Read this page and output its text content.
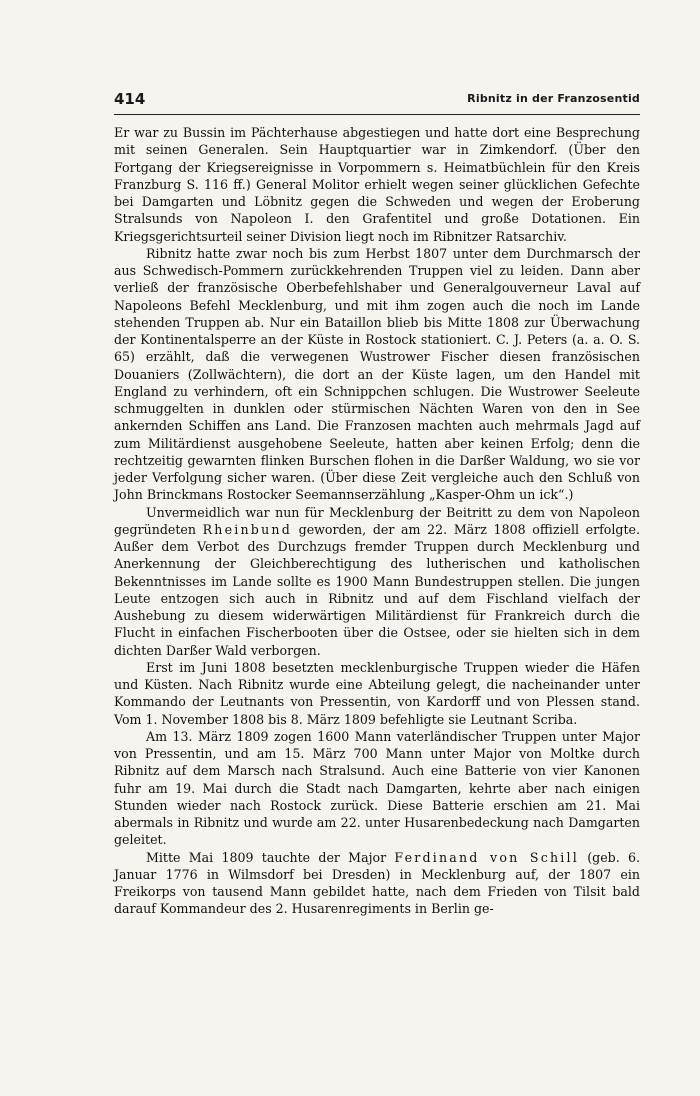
414	Ribnitz in der Franzosentid

Er war zu Bussin im Pächterhause abgestiegen und hatte dort eine Besprechung mit seinen Generalen. Sein Hauptquartier war in Zimkendorf. (Über den Fortgang der Kriegsereignisse in Vorpommern s. Heimatbüchlein für den Kreis Franzburg S. 116 ff.) General Molitor erhielt wegen seiner glücklichen Gefechte bei Damgarten und Löbnitz gegen die Schweden und wegen der Eroberung Stralsunds von Napoleon I. den Grafentitel und große Dotationen. Ein Kriegsgerichtsurteil seiner Division liegt noch im Ribnitzer Ratsarchiv.

Ribnitz hatte zwar noch bis zum Herbst 1807 unter dem Durchmarsch der aus Schwedisch-Pommern zurückkehrenden Truppen viel zu leiden. Dann aber verließ der französische Oberbefehlshaber und Generalgouverneur Laval auf Napoleons Befehl Mecklenburg, und mit ihm zogen auch die noch im Lande stehenden Truppen ab. Nur ein Bataillon blieb bis Mitte 1808 zur Überwachung der Kontinentalsperre an der Küste in Rostock stationiert. C. J. Peters (a. a. O. S. 65) erzählt, daß die verwegenen Wustrower Fischer diesen französischen Douaniers (Zollwächtern), die dort an der Küste lagen, um den Handel mit England zu verhindern, oft ein Schnippchen schlugen. Die Wustrower Seeleute schmuggelten in dunklen oder stürmischen Nächten Waren von den in See ankernden Schiffen ans Land. Die Franzosen machten auch mehrmals Jagd auf zum Militärdienst ausgehobene Seeleute, hatten aber keinen Erfolg; denn die rechtzeitig gewarnten flinken Burschen flohen in die Darßer Waldung, wo sie vor jeder Verfolgung sicher waren. (Über diese Zeit vergleiche auch den Schluß von John Brinckmans Rostocker Seemannserzählung „Kasper-Ohm un ick“.)

Unvermeidlich war nun für Mecklenburg der Beitritt zu dem von Napoleon gegründeten Rheinbund geworden, der am 22. März 1808 offiziell erfolgte. Außer dem Verbot des Durchzugs fremder Truppen durch Mecklenburg und Anerkennung der Gleichberechtigung des lutherischen und katholischen Bekenntnisses im Lande sollte es 1900 Mann Bundestruppen stellen. Die jungen Leute entzogen sich auch in Ribnitz und auf dem Fischland vielfach der Aushebung zu diesem widerwärtigen Militärdienst für Frankreich durch die Flucht in einfachen Fischerbooten über die Ostsee, oder sie hielten sich in dem dichten Darßer Wald verborgen.

Erst im Juni 1808 besetzten mecklenburgische Truppen wieder die Häfen und Küsten. Nach Ribnitz wurde eine Abteilung gelegt, die nacheinander unter Kommando der Leutnants von Pressentin, von Kardorff und von Plessen stand. Vom 1. November 1808 bis 8. März 1809 befehligte sie Leutnant Scriba.

Am 13. März 1809 zogen 1600 Mann vaterländischer Truppen unter Major von Pressentin, und am 15. März 700 Mann unter Major von Moltke durch Ribnitz auf dem Marsch nach Stralsund. Auch eine Batterie von vier Kanonen fuhr am 19. Mai durch die Stadt nach Damgarten, kehrte aber nach einigen Stunden wieder nach Rostock zurück. Diese Batterie erschien am 21. Mai abermals in Ribnitz und wurde am 22. unter Husarenbedeckung nach Damgarten geleitet.

Mitte Mai 1809 tauchte der Major Ferdinand von Schill (geb. 6. Januar 1776 in Wilmsdorf bei Dresden) in Mecklenburg auf, der 1807 ein Freikorps von tausend Mann gebildet hatte, nach dem Frieden von Tilsit bald darauf Kommandeur des 2. Husarenregiments in Berlin ge-
